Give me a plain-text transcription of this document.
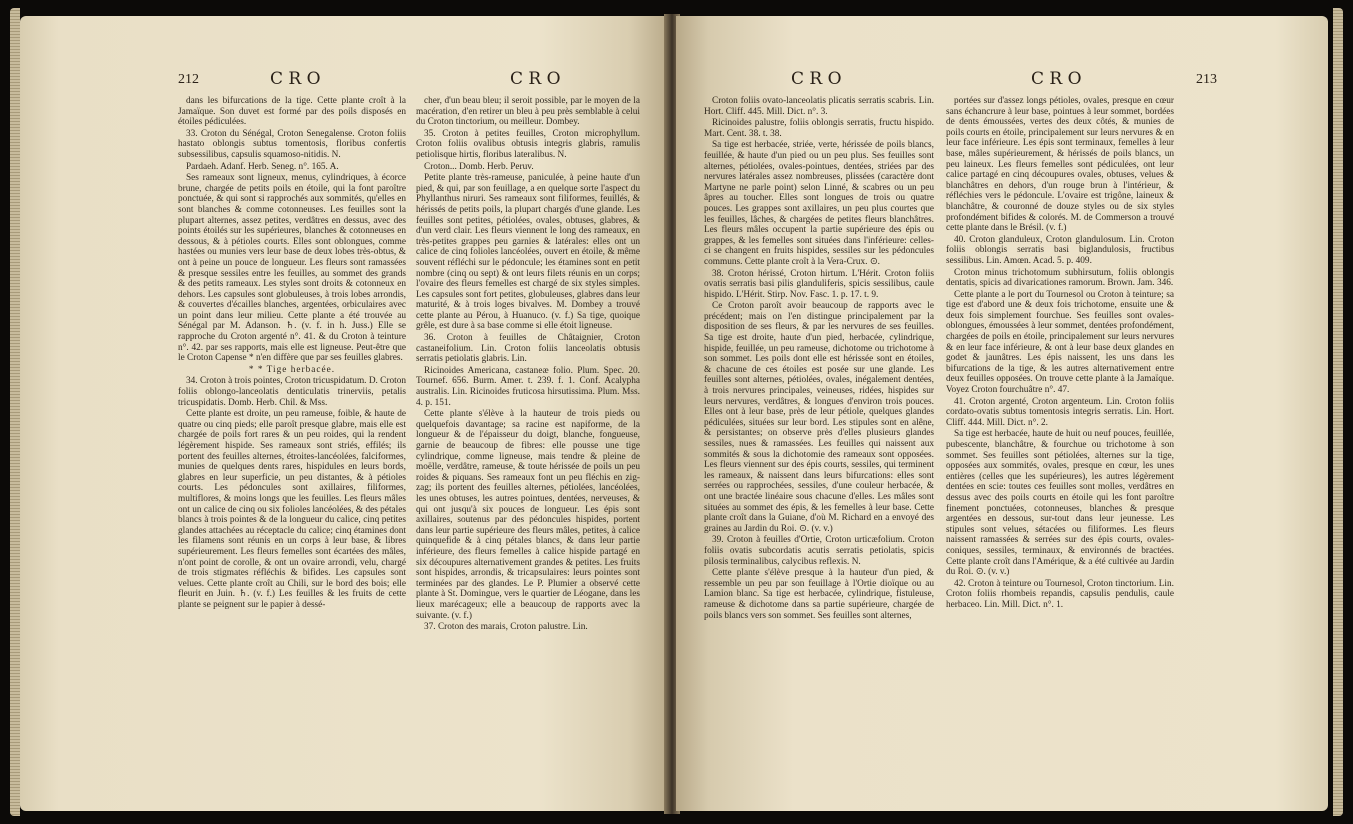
212	C R O	C R O

dans les bifurcations de la tige. Cette plante croît à la Jamaïque. Son duvet est formé par des poils disposés en étoiles pédiculées.

33. Croton du Sénégal, Croton Senegalense. Croton foliis hastato oblongis subtus tomentosis, floribus confertis subsessilibus, capsulis squamoso-nitidis. N.

Pardaeh. Adanf. Herb. Seneg. n°. 165. A.

Ses rameaux sont ligneux, menus, cylindriques, à écorce brune, chargée de petits poils en étoile, qui la font paroître ponctuée, & qui sont si rapprochés aux sommités, qu'elles en sont blanches & comme cotonneuses. Les feuilles sont la plupart alternes, assez petites, verdâtres en dessus, avec des points étoilés sur les supérieures, blanches & cotonneuses en dessous, & à pétioles courts. Elles sont oblongues, comme hastées ou munies vers leur base de deux lobes très-obtus, & ont à peine un pouce de longueur. Les fleurs sont ramassées & presque sessiles entre les feuilles, au sommet des grands & des petits rameaux. Les styles sont droits & cotonneux en dehors. Les capsules sont globuleuses, à trois lobes arrondis, & couvertes d'écailles blanches, argentées, orbiculaires avec un point dans leur milieu. Cette plante a été trouvée au Sénégal par M. Adanson. ♄. (v. f. in h. Juss.) Elle se rapproche du Croton argenté n°. 41. & du Croton à teinture n°. 42. par ses rapports, mais elle est ligneuse. Peut-être que le Croton Capense * n'en diffère que par ses feuilles glabres.

* * Tige herbacée.

34. Croton à trois pointes, Croton tricuspidatum. D. Croton foliis oblongo-lanceolatis denticulatis trinerviis, petalis tricuspidatis. Domb. Herb. Chil. & Mss.

Cette plante est droite, un peu rameuse, foible, & haute de quatre ou cinq pieds; elle paroît presque glabre, mais elle est chargée de poils fort rares & un peu roides, qui la rendent légèrement hispide. Ses rameaux sont striés, effilés; ils portent des feuilles alternes, étroites-lancéolées, falciformes, munies de quelques dents rares, hispidules en leurs bords, glabres en leur superficie, un peu distantes, & à pétioles courts. Les pédoncules sont axillaires, filiformes, multiflores, & moins longs que les feuilles. Les fleurs mâles ont un calice de cinq ou six folioles lancéolées, & des pétales blancs à trois pointes & de la longueur du calice, cinq petites glandes attachées au réceptacle du calice; cinq étamines dont les filamens sont réunis en un corps à leur base, & libres supérieurement. Les fleurs femelles sont écartées des mâles, n'ont point de corolle, & ont un ovaire arrondi, velu, chargé de trois stigmates réfléchis & bifides. Les capsules sont velues. Cette plante croît au Chili, sur le bord des bois; elle fleurit en Juin. ♄. (v. f.) Les feuilles & les fruits de cette plante se peignent sur le papier à dessé-

cher, d'un beau bleu; il seroit possible, par le moyen de la macération, d'en retirer un bleu à peu près semblable à celui du Croton tinctorium, ou meilleur. Dombey.

35. Croton à petites feuilles, Croton microphyllum. Croton foliis ovalibus obtusis integris glabris, ramulis petiolisque hirtis, floribus lateralibus. N.

Croton... Domb. Herb. Peruv.

Petite plante très-rameuse, paniculée, à peine haute d'un pied, & qui, par son feuillage, a en quelque sorte l'aspect du Phyllanthus niruri. Ses rameaux sont filiformes, feuillés, & hérissés de petits poils, la plupart chargés d'une glande. Les feuilles sont petites, pétiolées, ovales, obtuses, glabres, & d'un verd clair. Les fleurs viennent le long des rameaux, en très-petites grappes peu garnies & latérales: elles ont un calice de cinq folioles lancéolées, ouvert en étoile, & même souvent réfléchi sur le pédoncule; les étamines sont en petit nombre (cinq ou sept) & ont leurs filets réunis en un corps; l'ovaire des fleurs femelles est chargé de six styles simples. Les capsules sont fort petites, globuleuses, glabres dans leur maturité, & à trois loges bivalves. M. Dombey a trouvé cette plante au Pérou, à Huanuco. (v. f.) Sa tige, quoique grêle, est dure à sa base comme si elle étoit ligneuse.

36. Croton à feuilles de Châtaignier, Croton castaneifolium. Lin. Croton foliis lanceolatis obtusis serratis petiolatis glabris. Lin.

Ricinoides Americana, castaneæ folio. Plum. Spec. 20. Tournef. 656. Burm. Amer. t. 239. f. 1. Conf. Acalypha australis. Lin. Ricinoides fruticosa hirsutissima. Plum. Mss. 4. p. 151.

Cette plante s'élève à la hauteur de trois pieds ou quelquefois davantage; sa racine est napiforme, de la longueur & de l'épaisseur du doigt, blanche, fongueuse, garnie de beaucoup de fibres: elle pousse une tige cylindrique, comme ligneuse, mais tendre & pleine de moëlle, verdâtre, rameuse, & toute hérissée de poils un peu roides & piquans. Ses rameaux font un peu fléchis en zig-zag; ils portent des feuilles alternes, pétiolées, lancéolées, les unes obtuses, les autres pointues, dentées, nerveuses, & qui ont jusqu'à six pouces de longueur. Les épis sont axillaires, soutenus par des pédoncules hispides, portent dans leur partie supérieure des fleurs mâles, petites, à calice quinquefide & à cinq pétales blancs, & dans leur partie inférieure, des fleurs femelles à calice hispide partagé en six découpures alternativement grandes & petites. Les fruits sont hispides, arrondis, & tricapsulaires: leurs pointes sont terminées par des glandes. Le P. Plumier a observé cette plante à St. Domingue, vers le quartier de Léogane, dans les lieux marécageux; elle a beaucoup de rapports avec la suivante. (v. f.)

37. Croton des marais, Croton palustre. Lin.

C R O	C R O	213

Croton foliis ovato-lanceolatis plicatis serratis scabris. Lin. Hort. Cliff. 445. Mill. Dict. n°. 3.

Ricinoides palustre, foliis oblongis serratis, fructu hispido. Mart. Cent. 38. t. 38.

Sa tige est herbacée, striée, verte, hérissée de poils blancs, feuillée, & haute d'un pied ou un peu plus. Ses feuilles sont alternes, pétiolées, ovales-pointues, dentées, striées par des nervures latérales assez nombreuses, plissées (caractère dont Martyne ne parle point) selon Linné, & scabres ou un peu âpres au toucher. Elles sont longues de trois ou quatre pouces. Les grappes sont axillaires, un peu plus courtes que les feuilles, lâches, & chargées de petites fleurs blanchâtres. Les fleurs mâles occupent la partie supérieure des épis ou grappes, & les femelles sont situées dans l'inférieure: celles-ci se changent en fruits hispides, sessiles sur les pédoncules communs. Cette plante croît à la Vera-Crux. ⊙.

38. Croton hérissé, Croton hirtum. L'Hérit. Croton foliis ovatis serratis basi pilis glanduliferis, spicis sessilibus, caule hispido. L'Hérit. Stirp. Nov. Fasc. 1. p. 17. t. 9.

Ce Croton paroît avoir beaucoup de rapports avec le précédent; mais on l'en distingue principalement par la disposition de ses fleurs, & par les nervures de ses feuilles. Sa tige est droite, haute d'un pied, herbacée, cylindrique, hispide, feuillée, un peu rameuse, dichotome ou trichotome à son sommet. Les poils dont elle est hérissée sont en étoiles, & chacune de ces étoiles est posée sur une glande. Les feuilles sont alternes, pétiolées, ovales, inégalement dentées, à trois nervures principales, veineuses, ridées, hispides sur leurs nervures, verdâtres, & longues d'environ trois pouces. Elles ont à leur base, près de leur pétiole, quelques glandes pédiculées, situées sur leur bord. Les stipules sont en alêne, & persistantes; on observe près d'elles plusieurs glandes sessiles, nues & ramassées. Les feuilles qui naissent aux sommités & sous la dichotomie des rameaux sont opposées. Les fleurs viennent sur des épis courts, sessiles, qui terminent les rameaux, & naissent dans leurs bifurcations: elles sont serrées ou rapprochées, sessiles, d'une couleur herbacée, & ont une bractée linéaire sous chacune d'elles. Les mâles sont situées au sommet des épis, & les femelles à leur base. Cette plante croît dans la Guiane, d'où M. Richard en a envoyé des graines au Jardin du Roi. ⊙. (v. v.)

39. Croton à feuilles d'Ortie, Croton urticæfolium. Croton foliis ovatis subcordatis acutis serratis petiolatis, spicis pilosis terminalibus, calycibus reflexis. N.

Cette plante s'élève presque à la hauteur d'un pied, & ressemble un peu par son feuillage à l'Ortie dioïque ou au Lamion blanc. Sa tige est herbacée, cylindrique, fistuleuse, rameuse & dichotome dans sa partie supérieure, chargée de poils blancs vers son sommet. Ses feuilles sont alternes,

portées sur d'assez longs pétioles, ovales, presque en cœur sans échancrure à leur base, pointues à leur sommet, bordées de dents émoussées, vertes des deux côtés, & munies de poils courts en étoile, principalement sur leurs nervures & en leur face inférieure. Les épis sont terminaux, femelles à leur base, mâles supérieurement, & hérissés de poils blancs, un peu laineux. Les fleurs femelles sont pédiculées, ont leur calice partagé en cinq découpures ovales, obtuses, velues & blanchâtres en dehors, d'un rouge brun à l'intérieur, & réfléchies vers le pédoncule. L'ovaire est trigône, laineux & blanchâtre, & couronné de douze styles ou de six styles profondément bifides & colorés. M. de Commerson a trouvé cette plante dans le Brésil. (v. f.)

40. Croton glanduleux, Croton glandulosum. Lin. Croton foliis oblongis serratis basi biglandulosis, fructibus sessilibus. Lin. Amœn. Acad. 5. p. 409.

Croton minus trichotomum subhirsutum, foliis oblongis dentatis, spicis ad divaricationes ramorum. Brown. Jam. 346.

Cette plante a le port du Tournesol ou Croton à teinture; sa tige est d'abord une & deux fois trichotome, ensuite une & deux fois simplement fourchue. Ses feuilles sont ovales-oblongues, émoussées à leur sommet, dentées profondément, chargées de poils en étoile, principalement sur leurs nervures & en leur face inférieure, & ont à leur base deux glandes en godet & jaunâtres. Les épis naissent, les uns dans les bifurcations de la tige, & les autres alternativement entre deux feuilles opposées. On trouve cette plante à la Jamaïque. Voyez Croton fourchuâtre n°. 47.

41. Croton argenté, Croton argenteum. Lin. Croton foliis cordato-ovatis subtus tomentosis integris serratis. Lin. Hort. Cliff. 444. Mill. Dict. n°. 2.

Sa tige est herbacée, haute de huit ou neuf pouces, feuillée, pubescente, blanchâtre, & fourchue ou trichotome à son sommet. Ses feuilles sont pétiolées, alternes sur la tige, opposées aux sommités, ovales, presque en cœur, les unes entières (celles que les supérieures), les autres légèrement dentées en scie: toutes ces feuilles sont molles, verdâtres en dessus avec des poils courts en étoile qui les font paroître finement ponctuées, cotonneuses, blanches & presque argentées en dessous, sur-tout dans leur jeunesse. Les stipules sont velues, sétacées ou filiformes. Les fleurs naissent ramassées & serrées sur des épis courts, ovales-coniques, sessiles, terminaux, & environnés de bractées. Cette plante croît dans l'Amérique, & a été cultivée au Jardin du Roi. ⊙. (v. v.)

42. Croton à teinture ou Tournesol, Croton tinctorium. Lin. Croton foliis rhombeis repandis, capsulis pendulis, caule herbaceo. Lin. Mill. Dict. n°. 1.
